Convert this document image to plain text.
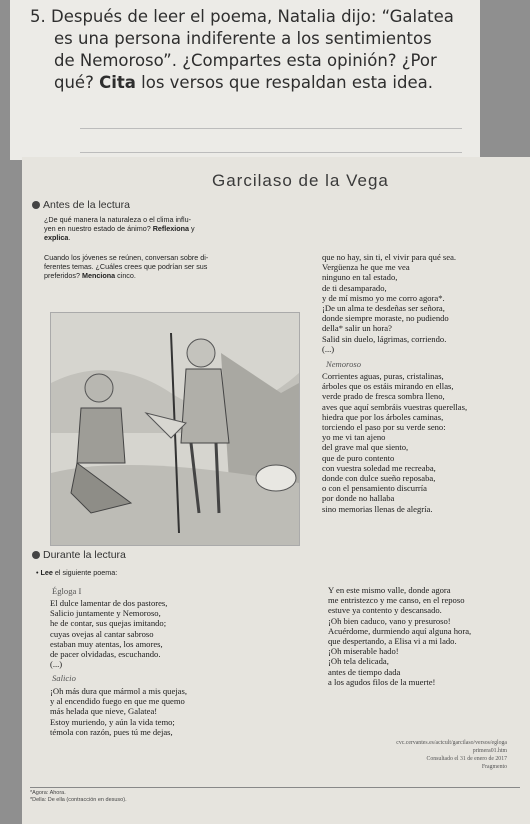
5. Después de leer el poema, Natalia dijo: “Galatea
es una persona indiferente a los sentimientos
de Nemoroso”. ¿Compartes esta opinión? ¿Por
qué? Cita los versos que respaldan esta idea.
Garcilaso de la Vega
Antes de la lectura
¿De qué manera la naturaleza o el clima influ-
yen en nuestro estado de ánimo? Reflexiona y
explica.
Cuando los jóvenes se reúnen, conversan sobre di-
ferentes temas. ¿Cuáles crees que podrían ser sus
preferidos? Menciona cinco.
Durante la lectura
• Lee el siguiente poema:
Égloga I
El dulce lamentar de dos pastores,
Salicio juntamente y Nemoroso,
he de contar, sus quejas imitando;
cuyas ovejas al cantar sabroso
estaban muy atentas, los amores,
de pacer olvidadas, escuchando.
(...)
Salicio
¡Oh más dura que mármol a mis quejas,
y al encendido fuego en que me quemo
más helada que nieve, Galatea!
Estoy muriendo, y aún la vida temo;
témola con razón, pues tú me dejas,
que no hay, sin ti, el vivir para qué sea.
Vergüenza he que me vea
ninguno en tal estado,
de ti desamparado,
y de mí mismo yo me corro agora*.
¡De un alma te desdeñas ser señora,
donde siempre moraste, no pudiendo
della* salir un hora?
Salid sin duelo, lágrimas, corriendo.
(...)
Nemoroso
Corrientes aguas, puras, cristalinas,
árboles que os estáis mirando en ellas,
verde prado de fresca sombra lleno,
aves que aquí sembráis vuestras querellas,
hiedra que por los árboles caminas,
torciendo el paso por su verde seno:
yo me vi tan ajeno
del grave mal que siento,
que de puro contento
con vuestra soledad me recreaba,
donde con dulce sueño reposaba,
o con el pensamiento discurría
por donde no hallaba
sino memorias llenas de alegría.
Y en este mismo valle, donde agora
me entristezco y me canso, en el reposo
estuve ya contento y descansado.
¡Oh bien caduco, vano y presuroso!
Acuérdome, durmiendo aquí alguna hora,
que despertando, a Elisa vi a mi lado.
¡Oh miserable hado!
¡Oh tela delicada,
antes de tiempo dada
a los agudos filos de la muerte!
cvc.cervantes.es/actcult/garcilaso/versos/egloga
primera01.htm
Consultado el 31 de enero de 2017
Fragmento
*Agora: Ahora.
*Della: De ella (contracción en desuso).
